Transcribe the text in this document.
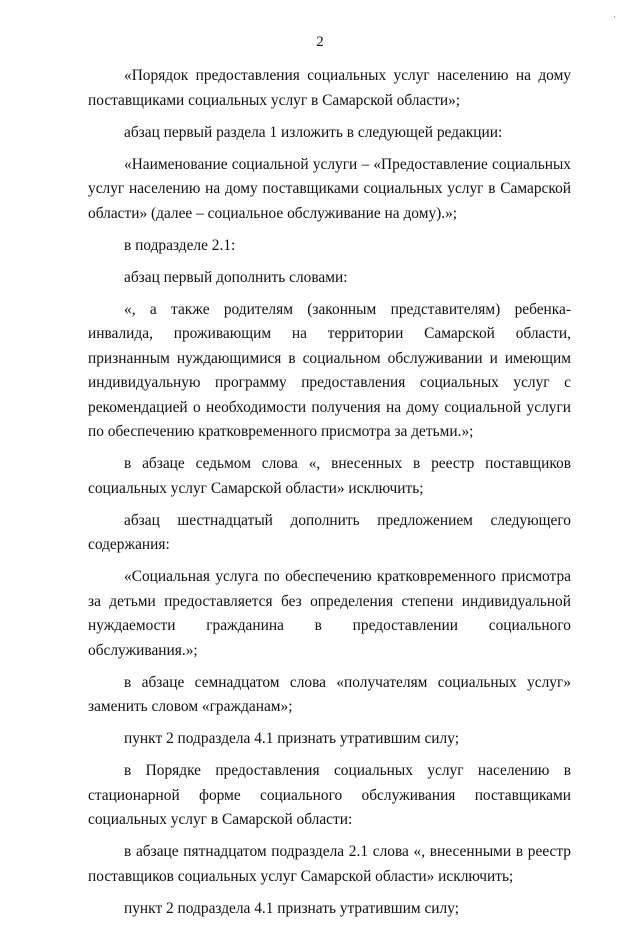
ˎ
2

«Порядок предоставления социальных услуг населению на дому поставщиками социальных услуг в Самарской области»;

абзац первый раздела 1 изложить в следующей редакции:

«Наименование социальной услуги – «Предоставление социальных услуг населению на дому поставщиками социальных услуг в Самарской области» (далее – социальное обслуживание на дому).»;

в подразделе 2.1:

абзац первый дополнить словами:

«, а также родителям (законным представителям) ребенка-инвалида, проживающим на территории Самарской области, признанным нуждающимися в социальном обслуживании и имеющим индивидуальную программу предоставления социальных услуг с рекомендацией о необходимости получения на дому социальной услуги по обеспечению кратковременного присмотра за детьми.»;

в абзаце седьмом слова «, внесенных в реестр поставщиков социальных услуг Самарской области» исключить;

абзац шестнадцатый дополнить предложением следующего содержания:

«Социальная услуга по обеспечению кратковременного присмотра за детьми предоставляется без определения степени индивидуальной нуждаемости гражданина в предоставлении социального обслуживания.»;

в абзаце семнадцатом слова «получателям социальных услуг» заменить словом «гражданам»;

пункт 2 подраздела 4.1 признать утратившим силу;

в Порядке предоставления социальных услуг населению в стационарной форме социального обслуживания поставщиками социальных услуг в Самарской области:

в абзаце пятнадцатом подраздела 2.1 слова «, внесенными в реестр поставщиков социальных услуг Самарской области» исключить;

пункт 2 подраздела 4.1 признать утратившим силу;
